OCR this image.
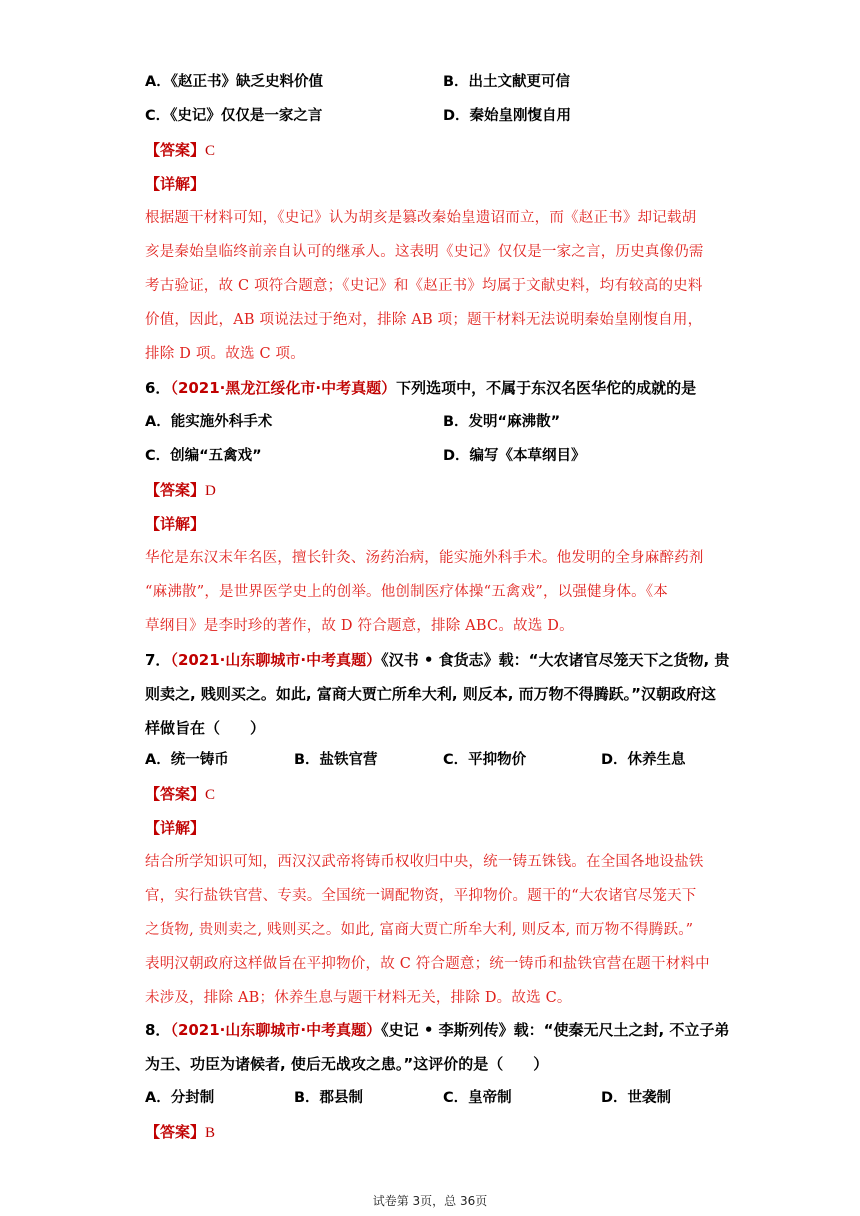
A．《赵正书》缺乏史料价值	B．出土文献更可信
C．《史记》仅仅是一家之言	D．秦始皇刚愎自用
【答案】C
【详解】
根据题干材料可知，《史记》认为胡亥是篡改秦始皇遗诏而立，而《赵正书》却记载胡
亥是秦始皇临终前亲自认可的继承人。这表明《史记》仅仅是一家之言，历史真像仍需
考古验证，故 C 项符合题意；《史记》和《赵正书》均属于文献史料，均有较高的史料
价值，因此，AB 项说法过于绝对，排除 AB 项；题干材料无法说明秦始皇刚愎自用，
排除 D 项。故选 C 项。
6．（2021·黑龙江绥化市·中考真题）下列选项中，不属于东汉名医华佗的成就的是
A．能实施外科手术	B．发明“麻沸散”
C．创编“五禽戏”	D．编写《本草纲目》
【答案】D
【详解】
华佗是东汉末年名医，擅长针灸、汤药治病，能实施外科手术。他发明的全身麻醉药剂
“麻沸散”，是世界医学史上的创举。他创制医疗体操“五禽戏”，以强健身体。《本
草纲目》是李时珍的著作，故 D 符合题意，排除 ABC。故选 D。
7．（2021·山东聊城市·中考真题）《汉书 • 食货志》载：“大农诸官尽笼天下之货物, 贵
则卖之, 贱则买之。如此, 富商大贾亡所牟大利, 则反本, 而万物不得腾跃。”汉朝政府这
样做旨在（　　）
A．统一铸币	B．盐铁官营	C．平抑物价	D．休养生息
【答案】C
【详解】
结合所学知识可知，西汉汉武帝将铸币权收归中央，统一铸五铢钱。在全国各地设盐铁
官，实行盐铁官营、专卖。全国统一调配物资，平抑物价。题干的“大农诸官尽笼天下
之货物, 贵则卖之, 贱则买之。如此, 富商大贾亡所牟大利, 则反本, 而万物不得腾跃。”
表明汉朝政府这样做旨在平抑物价，故 C 符合题意；统一铸币和盐铁官营在题干材料中
未涉及，排除 AB；休养生息与题干材料无关，排除 D。故选 C。
8．（2021·山东聊城市·中考真题）《史记 • 李斯列传》载：“使秦无尺土之封, 不立子弟
为王、功臣为诸候者, 使后无战攻之患。”这评价的是（　　）
A．分封制	B．郡县制	C．皇帝制	D．世袭制
【答案】B
试卷第 3页，总 36页
